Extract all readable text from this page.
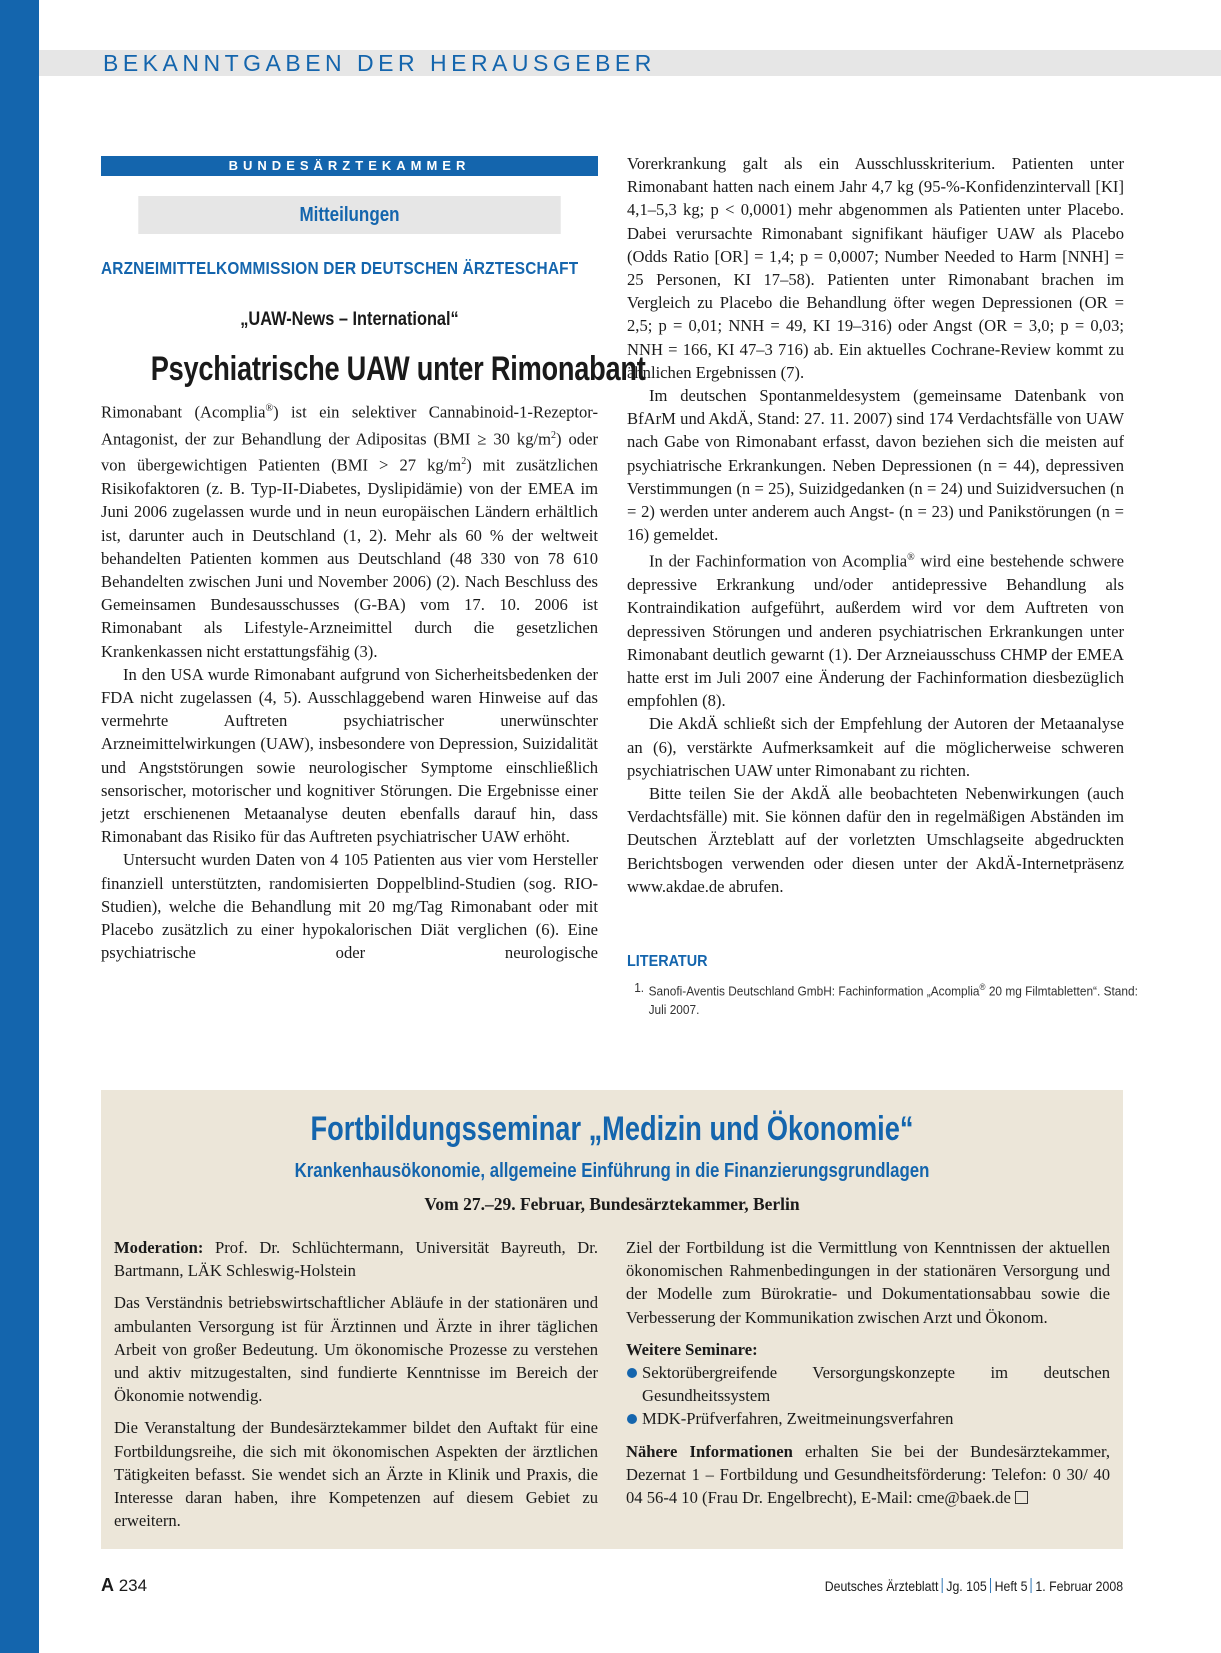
BEKANNTGABEN DER HERAUSGEBER
BUNDESÄRZTEKAMMER
Mitteilungen
ARZNEIMITTELKOMMISSION DER DEUTSCHEN ÄRZTESCHAFT
„UAW-News – International“
Psychiatrische UAW unter Rimonabant

Rimonabant (Acomplia®) ist ein selektiver Cannabinoid-1-Rezeptor-Antagonist, der zur Behandlung der Adipositas (BMI ≥ 30 $kg/m^2$) oder von übergewichtigen Patienten (BMI > 27 $kg/m^2$) mit zusätzlichen Risikofaktoren (z. B. Typ-II-Diabetes, Dyslipidämie) von der EMEA im Juni 2006 zugelassen wurde und in neun europäischen Ländern erhältlich ist, darunter auch in Deutschland (1, 2). Mehr als 60 % der weltweit behandelten Patienten kommen aus Deutschland (48 330 von 78 610 Behandelten zwischen Juni und November 2006) (2). Nach Beschluss des Gemeinsamen Bundesausschusses (G-BA) vom 17. 10. 2006 ist Rimonabant als Lifestyle-Arzneimittel durch die gesetzlichen Krankenkassen nicht erstattungsfähig (3).

In den USA wurde Rimonabant aufgrund von Sicherheitsbedenken der FDA nicht zugelassen (4, 5). Ausschlaggebend waren Hinweise auf das vermehrte Auftreten psychiatrischer unerwünschter Arzneimittelwirkungen (UAW), insbesondere von Depression, Suizidalität und Angststörungen sowie neurologischer Symptome einschließlich sensorischer, motorischer und kognitiver Störungen. Die Ergebnisse einer jetzt erschienenen Metaanalyse deuten ebenfalls darauf hin, dass Rimonabant das Risiko für das Auftreten psychiatrischer UAW erhöht.

Untersucht wurden Daten von 4 105 Patienten aus vier vom Hersteller finanziell unterstützten, randomisierten Doppelblind-Studien (sog. RIO-Studien), welche die Behandlung mit 20 mg/Tag Rimonabant oder mit Placebo zusätzlich zu einer hypokalorischen Diät verglichen (6). Eine psychiatrische oder neurologische

Vorerkrankung galt als ein Ausschlusskriterium. Patienten unter Rimonabant hatten nach einem Jahr 4,7 kg (95-%-Konfidenzintervall [KI] 4,1–5,3 kg; p < 0,0001) mehr abgenommen als Patienten unter Placebo. Dabei verursachte Rimonabant signifikant häufiger UAW als Placebo (Odds Ratio [OR] = 1,4; p = 0,0007; Number Needed to Harm [NNH] = 25 Personen, KI 17–58). Patienten unter Rimonabant brachen im Vergleich zu Placebo die Behandlung öfter wegen Depressionen (OR = 2,5; p = 0,01; NNH = 49, KI 19–316) oder Angst (OR = 3,0; p = 0,03; NNH = 166, KI 47–3 716) ab. Ein aktuelles Cochrane-Review kommt zu ähnlichen Ergebnissen (7).

Im deutschen Spontanmeldesystem (gemeinsame Datenbank von BfArM und AkdÄ, Stand: 27. 11. 2007) sind 174 Verdachtsfälle von UAW nach Gabe von Rimonabant erfasst, davon beziehen sich die meisten auf psychiatrische Erkrankungen. Neben Depressionen (n = 44), depressiven Verstimmungen (n = 25), Suizidgedanken (n = 24) und Suizidversuchen (n = 2) werden unter anderem auch Angst- (n = 23) und Panikstörungen (n = 16) gemeldet.

In der Fachinformation von Acomplia® wird eine bestehende schwere depressive Erkrankung und/oder antidepressive Behandlung als Kontraindikation aufgeführt, außerdem wird vor dem Auftreten von depressiven Störungen und anderen psychiatrischen Erkrankungen unter Rimonabant deutlich gewarnt (1). Der Arzneiausschuss CHMP der EMEA hatte erst im Juli 2007 eine Änderung der Fachinformation diesbezüglich empfohlen (8).

Die AkdÄ schließt sich der Empfehlung der Autoren der Metaanalyse an (6), verstärkte Aufmerksamkeit auf die möglicherweise schweren psychiatrischen UAW unter Rimonabant zu richten.

Bitte teilen Sie der AkdÄ alle beobachteten Nebenwirkungen (auch Verdachtsfälle) mit. Sie können dafür den in regelmäßigen Abständen im Deutschen Ärzteblatt auf der vorletzten Umschlagseite abgedruckten Berichtsbogen verwenden oder diesen unter der AkdÄ-Internetpräsenz www.akdae.de abrufen.

LITERATUR
1. Sanofi-Aventis Deutschland GmbH: Fachinformation „Acomplia® 20 mg Filmtabletten“. Stand: Juli 2007.
Fortbildungsseminar „Medizin und Ökonomie“
Krankenhausökonomie, allgemeine Einführung in die Finanzierungsgrundlagen
Vom 27.–29. Februar, Bundesärztekammer, Berlin

Moderation: Prof. Dr. Schlüchtermann, Universität Bayreuth, Dr. Bartmann, LÄK Schleswig-Holstein

Das Verständnis betriebswirtschaftlicher Abläufe in der stationären und ambulanten Versorgung ist für Ärztinnen und Ärzte in ihrer täglichen Arbeit von großer Bedeutung. Um ökonomische Prozesse zu verstehen und aktiv mitzugestalten, sind fundierte Kenntnisse im Bereich der Ökonomie notwendig.

Die Veranstaltung der Bundesärztekammer bildet den Auftakt für eine Fortbildungsreihe, die sich mit ökonomischen Aspekten der ärztlichen Tätigkeiten befasst. Sie wendet sich an Ärzte in Klinik und Praxis, die Interesse daran haben, ihre Kompetenzen auf diesem Gebiet zu erweitern.

Ziel der Fortbildung ist die Vermittlung von Kenntnissen der aktuellen ökonomischen Rahmenbedingungen in der stationären Versorgung und der Modelle zum Bürokratie- und Dokumentationsabbau sowie die Verbesserung der Kommunikation zwischen Arzt und Ökonom.

Weitere Seminare:

Sektorübergreifende Versorgungskonzepte im deutschen Gesundheitssystem

MDK-Prüfverfahren, Zweitmeinungsverfahren

Nähere Informationen erhalten Sie bei der Bundesärztekammer, Dezernat 1 – Fortbildung und Gesundheitsförderung: Telefon: 0 30/ 40 04 56-4 10 (Frau Dr. Engelbrecht), E-Mail: cme@baek.de

A 234	Deutsches Ärzteblatt Jg. 105 Heft 5 1. Februar 2008
